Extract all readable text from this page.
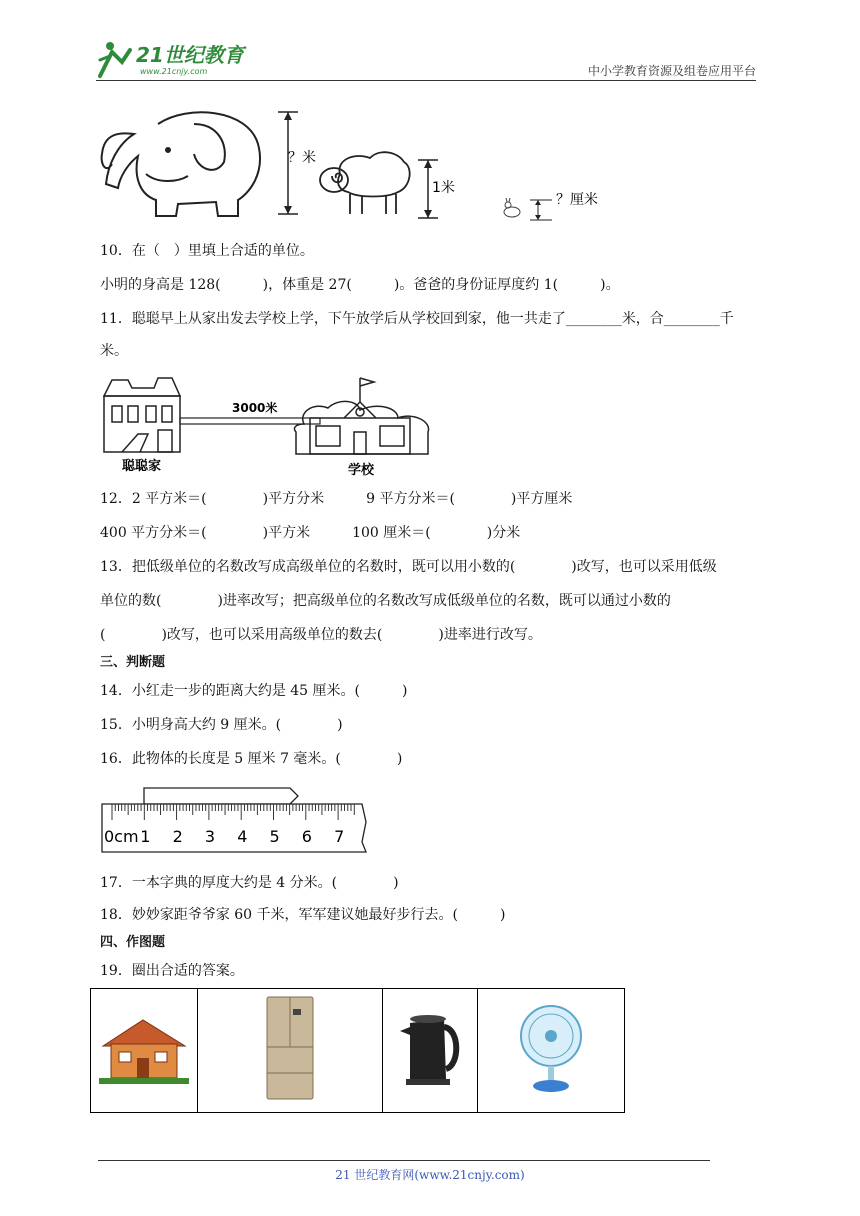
21世纪教育
www.21cnjy.com	中小学教育资源及组卷应用平台
？米
1米
？厘米
10．在（　）里填上合适的单位。
小明的身高是 128(　　　)，体重是 27(　　　)。爸爸的身份证厚度约 1(　　　)。
11．聪聪早上从家出发去学校上学，下午放学后从学校回到家，他一共走了________米，合________千
米。
3000米
聪聪家	学校
12．2 平方米＝(　　　　)平方分米　　　9 平方分米＝(　　　　)平方厘米
400 平方分米＝(　　　　)平方米　　　100 厘米＝(　　　　)分米
13．把低级单位的名数改写成高级单位的名数时，既可以用小数的(　　　　)改写，也可以采用低级
单位的数(　　　　)进率改写；把高级单位的名数改写成低级单位的名数，既可以通过小数的
(　　　　)改写，也可以采用高级单位的数去(　　　　)进率进行改写。
三、判断题
14．小红走一步的距离大约是 45 厘米。(　　　)
15．小明身高大约 9 厘米。(　　　　)
16．此物体的长度是 5 厘米 7 毫米。(　　　　)
0cm 1 2 3 4 5 6 7
17．一本字典的厚度大约是 4 分米。(　　　　)
18．妙妙家距爷爷家 60 千米，军军建议她最好步行去。(　　　)
四、作图题
19．圈出合适的答案。

21 世纪教育网(www.21cnjy.com)
